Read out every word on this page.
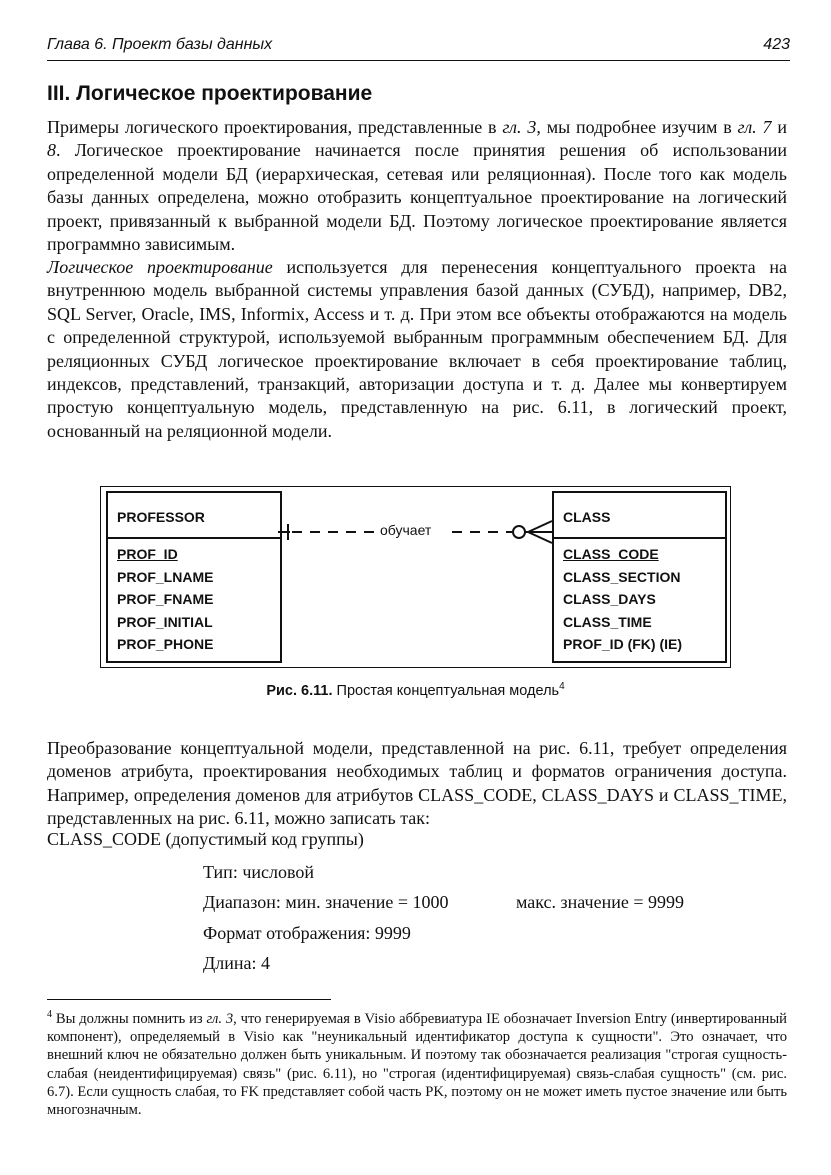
Глава 6. Проект базы данных	423
III. Логическое проектирование

Примеры логического проектирования, представленные в гл. 3, мы подробнее изучим в гл. 7 и 8. Логическое проектирование начинается после принятия решения об использовании определенной модели БД (иерархическая, сетевая или реляционная). После того как модель базы данных определена, можно отобразить концептуальное проектирование на логический проект, привязанный к выбранной модели БД. Поэтому логическое проектирование является программно зависимым.

Логическое проектирование используется для перенесения концептуального проекта на внутреннюю модель выбранной системы управления базой данных (СУБД), например, DB2, SQL Server, Oracle, IMS, Informix, Access и т. д. При этом все объекты отображаются на модель с определенной структурой, используемой выбранным программным обеспечением БД. Для реляционных СУБД логическое проектирование включает в себя проектирование таблиц, индексов, представлений, транзакций, авторизации доступа и т. д. Далее мы конвертируем простую концептуальную модель, представленную на рис. 6.11, в логический проект, основанный на реляционной модели.

PROFESSOR
PROF_ID
PROF_LNAME
PROF_FNAME
PROF_INITIAL
PROF_PHONE
обучает
CLASS
CLASS_CODE
CLASS_SECTION
CLASS_DAYS
CLASS_TIME
PROF_ID (FK) (IE)
Рис. 6.11. Простая концептуальная модель$^4$

Преобразование концептуальной модели, представленной на рис. 6.11, требует определения доменов атрибута, проектирования необходимых таблиц и форматов ограничения доступа. Например, определения доменов для атрибутов CLASS_CODE, CLASS_DAYS и CLASS_TIME, представленных на рис. 6.11, можно записать так:

CLASS_CODE (допустимый код группы)
Тип: числовой
Диапазон: мин. значение = 1000	макс. значение = 9999
Формат отображения: 9999
Длина: 4

$^4$ Вы должны помнить из гл. 3, что генерируемая в Visio аббревиатура IE обозначает Inversion Entry (инвертированный компонент), определяемый в Visio как "неуникальный идентификатор доступа к сущности". Это означает, что внешний ключ не обязательно должен быть уникальным. И поэтому так обозначается реализация "строгая сущность-слабая (неидентифицируемая) связь" (рис. 6.11), но "строгая (идентифицируемая) связь-слабая сущность" (см. рис. 6.7). Если сущность слабая, то FK представляет собой часть PK, поэтому он не может иметь пустое значение или быть многозначным.
